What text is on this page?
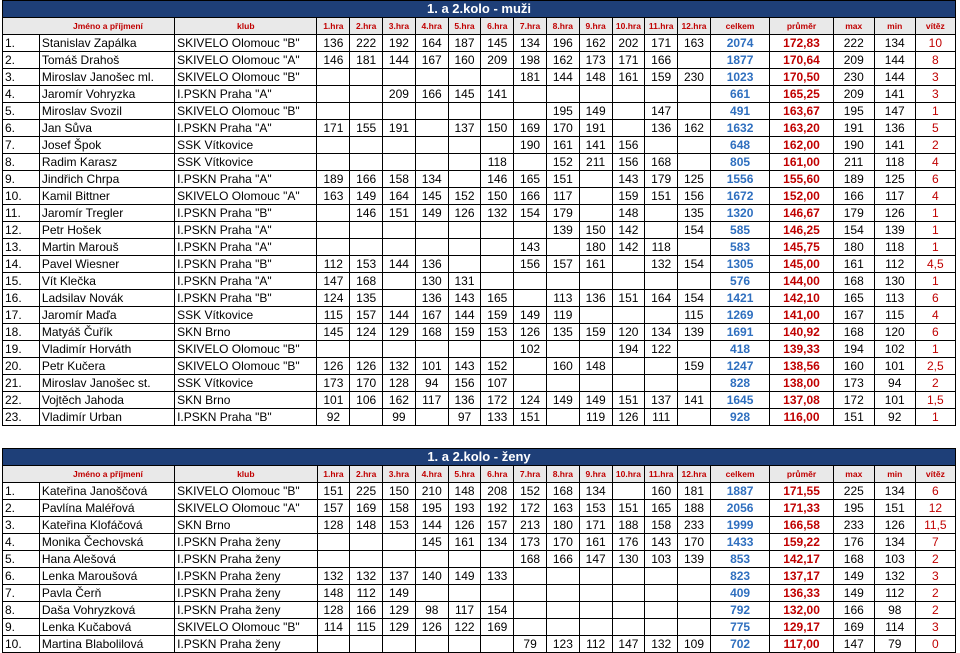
1. a 2.kolo - muži																			
Jméno a příjmení		klub	1.hra	2.hra	3.hra	4.hra	5.hra	6.hra	7.hra	8.hra	9.hra	10.hra	11.hra	12.hra	celkem	průměr	max	min	vítěz
1.	Stanislav Zapálka	SKIVELO Olomouc "B"	136	222	192	164	187	145	134	196	162	202	171	163	2074	172,83	222	134	10
2.	Tomáš Drahoš	SKIVELO Olomouc "A"	146	181	144	167	160	209	198	162	173	171	166		1877	170,64	209	144	8
3.	Miroslav Janošec ml.	SKIVELO Olomouc "B"							181	144	148	161	159	230	1023	170,50	230	144	3
4.	Jaromír Vohryzka	I.PSKN Praha "A"			209	166	145	141							661	165,25	209	141	3
5.	Miroslav Svozil	SKIVELO Olomouc "B"								195	149		147		491	163,67	195	147	1
6.	Jan Sůva	I.PSKN Praha "A"	171	155	191		137	150	169	170	191		136	162	1632	163,20	191	136	5
7.	Josef Špok	SSK Vítkovice							190	161	141	156			648	162,00	190	141	2
8.	Radim Karasz	SSK Vítkovice						118		152	211	156	168		805	161,00	211	118	4
9.	Jindřich Chrpa	I.PSKN Praha "A"	189	166	158	134		146	165	151		143	179	125	1556	155,60	189	125	6
10.	Kamil Bittner	SKIVELO Olomouc "A"	163	149	164	145	152	150	166	117		159	151	156	1672	152,00	166	117	4
11.	Jaromír Tregler	I.PSKN Praha "B"		146	151	149	126	132	154	179		148		135	1320	146,67	179	126	1
12.	Petr Hošek	I.PSKN Praha "A"								139	150	142		154	585	146,25	154	139	1
13.	Martin Marouš	I.PSKN Praha "A"							143		180	142	118		583	145,75	180	118	1
14.	Pavel Wiesner	I.PSKN Praha "B"	112	153	144	136			156	157	161		132	154	1305	145,00	161	112	4,5
15.	Vít Klečka	I.PSKN Praha "A"	147	168		130	131								576	144,00	168	130	1
16.	Ladsilav Novák	I.PSKN Praha "B"	124	135		136	143	165		113	136	151	164	154	1421	142,10	165	113	6
17.	Jaromír Maďa	SSK Vítkovice	115	157	144	167	144	159	149	119				115	1269	141,00	167	115	4
18.	Matyáš Čuřík	SKN Brno	145	124	129	168	159	153	126	135	159	120	134	139	1691	140,92	168	120	6
19.	Vladimír Horváth	SKIVELO Olomouc "B"							102			194	122		418	139,33	194	102	1
20.	Petr Kučera	SKIVELO Olomouc "B"	126	126	132	101	143	152		160	148			159	1247	138,56	160	101	2,5
21.	Miroslav Janošec st.	SSK Vítkovice	173	170	128	94	156	107							828	138,00	173	94	2
22.	Vojtěch Jahoda	SKN Brno	101	106	162	117	136	172	124	149	149	151	137	141	1645	137,08	172	101	1,5
23.	Vladimír Urban	I.PSKN Praha "B"	92		99		97	133	151		119	126	111		928	116,00	151	92	1
1. a 2.kolo - ženy																			
Jméno a příjmení		klub	1.hra	2.hra	3.hra	4.hra	5.hra	6.hra	7.hra	8.hra	9.hra	10.hra	11.hra	12.hra	celkem	průměr	max	min	vítěz
1.	Kateřina Janoščová	SKIVELO Olomouc "B"	151	225	150	210	148	208	152	168	134		160	181	1887	171,55	225	134	6
2.	Pavlína Maléřová	SKIVELO Olomouc "A"	157	169	158	195	193	192	172	163	153	151	165	188	2056	171,33	195	151	12
3.	Kateřina Klofáčová	SKN Brno	128	148	153	144	126	157	213	180	171	188	158	233	1999	166,58	233	126	11,5
4.	Monika Čechovská	I.PSKN Praha ženy				145	161	134	173	170	161	176	143	170	1433	159,22	176	134	7
5.	Hana Alešová	I.PSKN Praha ženy							168	166	147	130	103	139	853	142,17	168	103	2
6.	Lenka Maroušová	I.PSKN Praha ženy	132	132	137	140	149	133							823	137,17	149	132	3
7.	Pavla Čerň	I.PSKN Praha ženy	148	112	149										409	136,33	149	112	2
8.	Daša Vohryzková	I.PSKN Praha ženy	128	166	129	98	117	154							792	132,00	166	98	2
9.	Lenka Kučabová	SKIVELO Olomouc "B"	114	115	129	126	122	169							775	129,17	169	114	3
10.	Martina Blabolilová	I.PSKN Praha ženy							79	123	112	147	132	109	702	117,00	147	79	0
